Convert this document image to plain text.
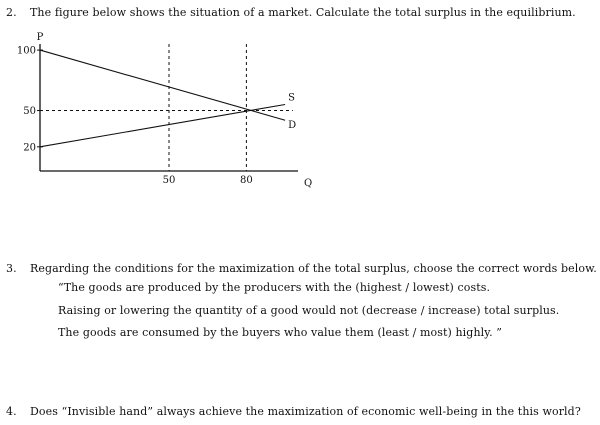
2. The figure below shows the situation of a market. Calculate the total surplus in the equilibrium.
100
50
20
50	80
D
S
P
Q
3. Regarding the conditions for the maximization of the total surplus, choose the correct words below.
“The goods are produced by the producers with the (highest / lowest) costs.
Raising or lowering the quantity of a good would not (decrease / increase) total surplus.
The goods are consumed by the buyers who value them (least / most) highly. ”
4. Does “Invisible hand” always achieve the maximization of economic well-being in the this world?
